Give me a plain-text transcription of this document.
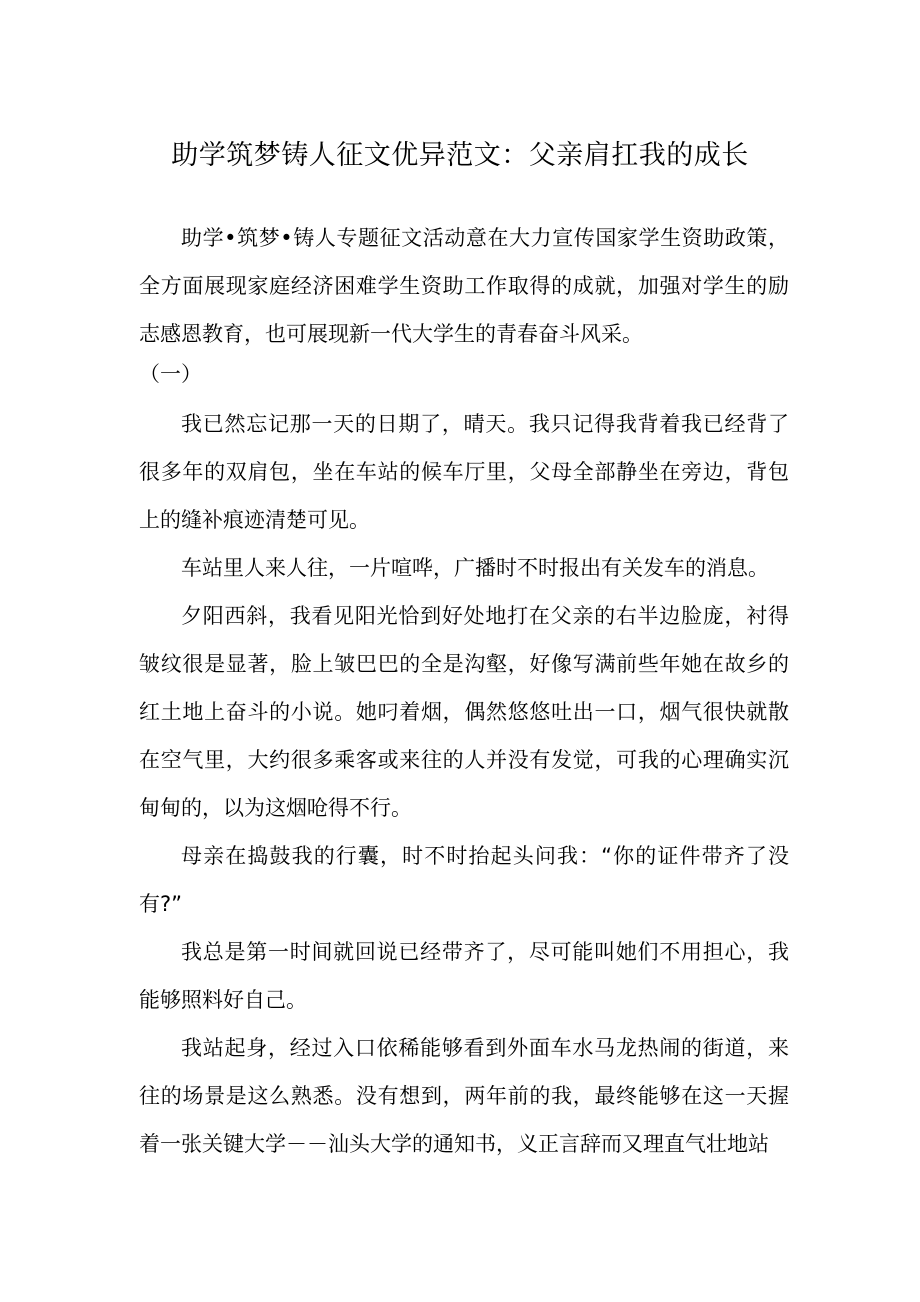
助学筑梦铸人征文优异范文：父亲肩扛我的成长

助学•筑梦•铸人专题征文活动意在大力宣传国家学生资助政策，全方面展现家庭经济困难学生资助工作取得的成就，加强对学生的励志感恩教育，也可展现新一代大学生的青春奋斗风采。

（一）

我已然忘记那一天的日期了，晴天。我只记得我背着我已经背了很多年的双肩包，坐在车站的候车厅里，父母全部静坐在旁边，背包上的缝补痕迹清楚可见。

车站里人来人往，一片喧哗，广播时不时报出有关发车的消息。

夕阳西斜，我看见阳光恰到好处地打在父亲的右半边脸庞，衬得皱纹很是显著，脸上皱巴巴的全是沟壑，好像写满前些年她在故乡的红土地上奋斗的小说。她叼着烟，偶然悠悠吐出一口，烟气很快就散在空气里，大约很多乘客或来往的人并没有发觉，可我的心理确实沉甸甸的，以为这烟呛得不行。

母亲在捣鼓我的行囊，时不时抬起头问我：“你的证件带齐了没有?”

我总是第一时间就回说已经带齐了，尽可能叫她们不用担心，我能够照料好自己。

我站起身，经过入口依稀能够看到外面车水马龙热闹的街道，来往的场景是这么熟悉。没有想到，两年前的我，最终能够在这一天握着一张关键大学－－汕头大学的通知书，义正言辞而又理直气壮地站
